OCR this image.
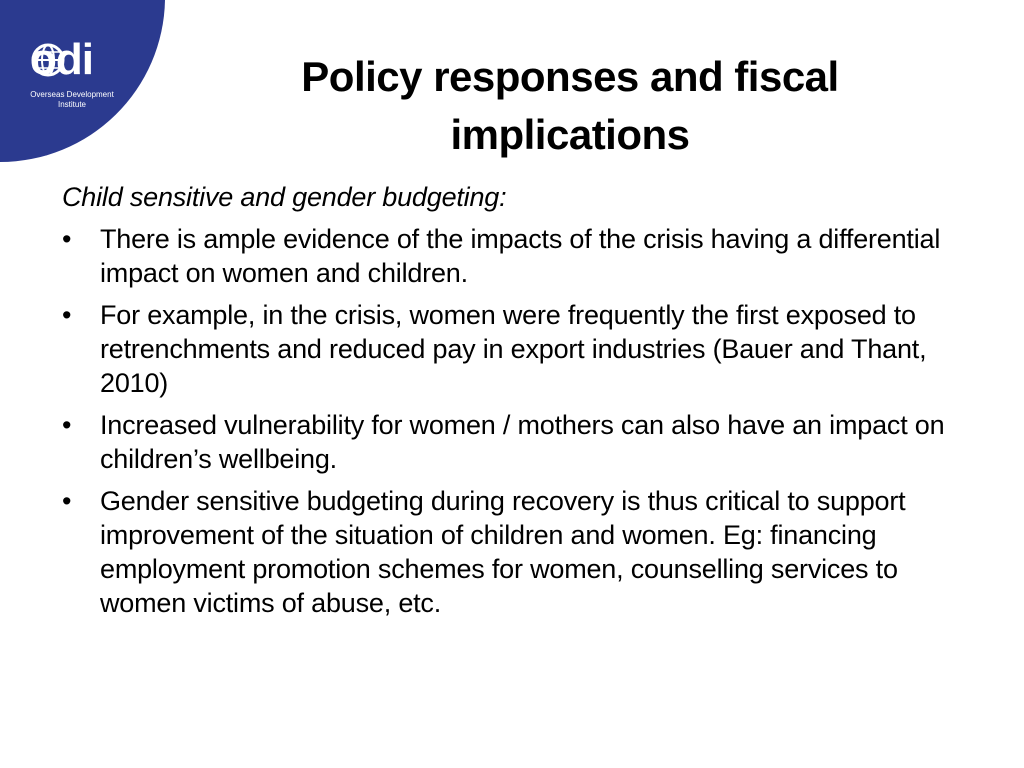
odi
Overseas Development Institute
Policy responses and fiscal implications
Child sensitive and gender budgeting:
•	There is ample evidence of the impacts of the crisis having a differential impact on women and children.
•	For example, in the crisis, women were frequently the first exposed to retrenchments and reduced pay in export industries (Bauer and Thant, 2010)
•	Increased vulnerability for women / mothers can also have an impact on children’s wellbeing.
•	Gender sensitive budgeting during recovery is thus critical to support improvement of the situation of children and women. Eg: financing employment promotion schemes for women, counselling services to women victims of abuse, etc.
